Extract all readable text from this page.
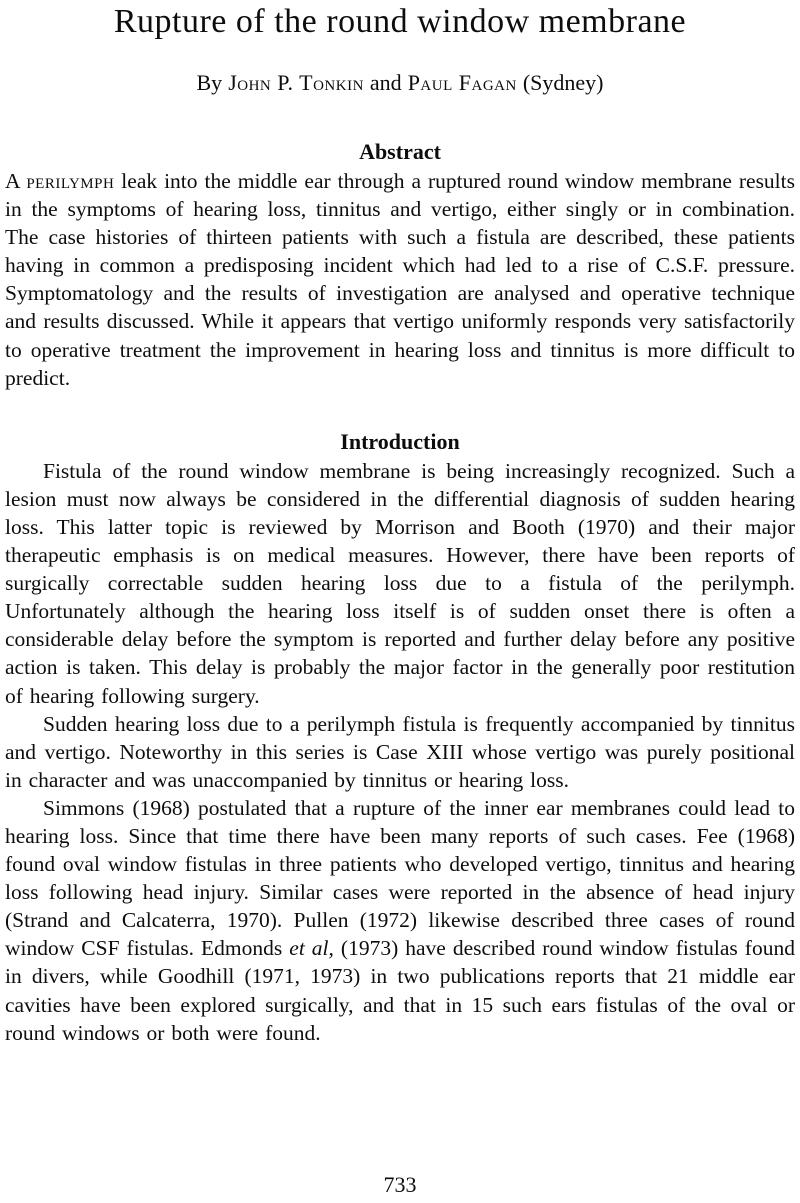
Rupture of the round window membrane

By John P. Tonkin and Paul Fagan (Sydney)

Abstract

A perilymph leak into the middle ear through a ruptured round window membrane results in the symptoms of hearing loss, tinnitus and vertigo, either singly or in combination. The case histories of thirteen patients with such a fistula are described, these patients having in common a predisposing incident which had led to a rise of C.S.F. pressure. Symptomatology and the results of investigation are analysed and operative technique and results discussed. While it appears that vertigo uniformly responds very satisfactorily to operative treatment the improvement in hearing loss and tinnitus is more difficult to predict.

Introduction

Fistula of the round window membrane is being increasingly recognized. Such a lesion must now always be considered in the differential diagnosis of sudden hearing loss. This latter topic is reviewed by Morrison and Booth (1970) and their major therapeutic emphasis is on medical measures. However, there have been reports of surgically correctable sudden hearing loss due to a fistula of the perilymph. Unfortunately although the hearing loss itself is of sudden onset there is often a considerable delay before the symptom is reported and further delay before any positive action is taken. This delay is probably the major factor in the generally poor restitution of hearing following surgery.

Sudden hearing loss due to a perilymph fistula is frequently accompanied by tinnitus and vertigo. Noteworthy in this series is Case XIII whose vertigo was purely positional in character and was unaccompanied by tinnitus or hearing loss.

Simmons (1968) postulated that a rupture of the inner ear membranes could lead to hearing loss. Since that time there have been many reports of such cases. Fee (1968) found oval window fistulas in three patients who developed vertigo, tinnitus and hearing loss following head injury. Similar cases were reported in the absence of head injury (Strand and Calcaterra, 1970). Pullen (1972) likewise described three cases of round window CSF fistulas. Edmonds et al, (1973) have described round window fistulas found in divers, while Goodhill (1971, 1973) in two publications reports that 21 middle ear cavities have been explored surgically, and that in 15 such ears fistulas of the oval or round windows or both were found.

733
